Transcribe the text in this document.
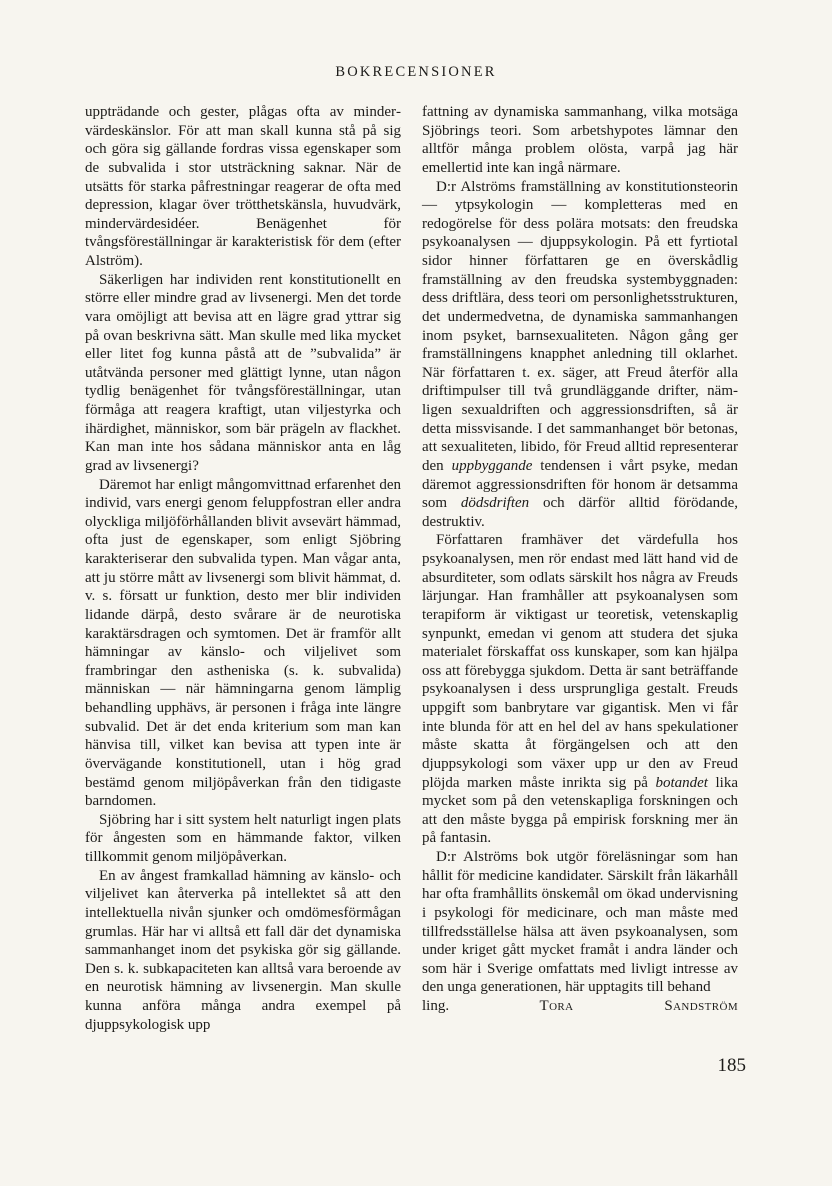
BOKRECENSIONER

uppträdande och gester, plågas ofta av mindervärdeskänslor. För att man skall kunna stå på sig och göra sig gällande fordras vissa egenskaper som de subvalida i stor utsträckning saknar. När de utsätts för starka påfrestningar reagerar de ofta med depression, klagar över trötthetskänsla, huvudvärk, mindervärdesidéer. Benägenhet för tvångsföreställningar är karakteristisk för dem (efter Alström).

Säkerligen har individen rent konstitutionellt en större eller mindre grad av livsenergi. Men det torde vara omöjligt att bevisa att en lägre grad yttrar sig på ovan beskrivna sätt. Man skulle med lika mycket eller litet fog kunna påstå att de ”subvalida” är utåtvända personer med glättigt lynne, utan någon tydlig benägenhet för tvångsföreställningar, utan förmåga att reagera kraftigt, utan viljestyrka och ihärdighet, människor, som bär prägeln av flackhet. Kan man inte hos sådana människor anta en låg grad av livsenergi?

Däremot har enligt mångomvittnad erfarenhet den individ, vars energi genom feluppfostran eller andra olyckliga miljöförhållanden blivit avsevärt hämmad, ofta just de egenskaper, som enligt Sjöbring karakteriserar den subvalida typen. Man vågar anta, att ju större mått av livsenergi som blivit hämmat, d. v. s. försatt ur funktion, desto mer blir individen lidande därpå, desto svårare är de neurotiska karaktärsdragen och symtomen. Det är framför allt hämningar av känslo- och viljelivet som frambringar den astheniska (s. k. subvalida) människan — när hämningarna genom lämplig behandling upphävs, är personen i fråga inte längre subvalid. Det är det enda kriterium som man kan hänvisa till, vilket kan bevisa att typen inte är övervägande konstitutionell, utan i hög grad bestämd genom miljöpåverkan från den tidigaste barndomen.

Sjöbring har i sitt system helt naturligt ingen plats för ångesten som en hämmande faktor, vilken tillkommit genom miljöpåverkan.

En av ångest framkallad hämning av känslo- och viljelivet kan återverka på intellektet så att den intellektuella nivån sjunker och omdömesförmågan grumlas. Här har vi alltså ett fall där det dynamiska sammanhanget inom det psykiska gör sig gällande. Den s. k. subkapaciteten kan alltså vara beroende av en neurotisk hämning av livsenergin. Man skulle kunna anföra många andra exempel på djuppsykologisk upp

fattning av dynamiska sammanhang, vilka motsäga Sjöbrings teori. Som arbetshypotes lämnar den alltför många problem olösta, varpå jag här emellertid inte kan ingå närmare.

D:r Alströms framställning av konstitutionsteorin — ytpsykologin — kompletteras med en redogörelse för dess polära motsats: den freudska psykoanalysen — djuppsykologin. På ett fyrtiotal sidor hinner författaren ge en överskådlig framställning av den freudska systembyggnaden: dess driftlära, dess teori om personlighetsstrukturen, det undermedvetna, de dynamiska sammanhangen inom psyket, barnsexualiteten. Någon gång ger framställningens knapphet anledning till oklarhet. När författaren t. ex. säger, att Freud återför alla driftimpulser till två grundläggande drifter, nämligen sexualdriften och aggressionsdriften, så är detta missvisande. I det sammanhanget bör betonas, att sexualiteten, libido, för Freud alltid representerar den uppbyggande tendensen i vårt psyke, medan däremot aggressionsdriften för honom är detsamma som dödsdriften och därför alltid förödande, destruktiv.

Författaren framhäver det värdefulla hos psykoanalysen, men rör endast med lätt hand vid de absurditeter, som odlats särskilt hos några av Freuds lärjungar. Han framhåller att psykoanalysen som terapiform är viktigast ur teoretisk, vetenskaplig synpunkt, emedan vi genom att studera det sjuka materialet förskaffat oss kunskaper, som kan hjälpa oss att förebygga sjukdom. Detta är sant beträffande psykoanalysen i dess ursprungliga gestalt. Freuds uppgift som banbrytare var gigantisk. Men vi får inte blunda för att en hel del av hans spekulationer måste skatta åt förgängelsen och att den djuppsykologi som växer upp ur den av Freud plöjda marken måste inrikta sig på botandet lika mycket som på den vetenskapliga forskningen och att den måste bygga på empirisk forskning mer än på fantasin.

D:r Alströms bok utgör föreläsningar som han hållit för medicine kandidater. Särskilt från läkarhåll har ofta framhållits önskemål om ökad undervisning i psykologi för medicinare, och man måste med tillfredsställelse hälsa att även psykoanalysen, som under kriget gått mycket framåt i andra länder och som här i Sverige omfattats med livligt intresse av den unga generationen, här upptagits till behand

ling.	Tora Sandström

185
